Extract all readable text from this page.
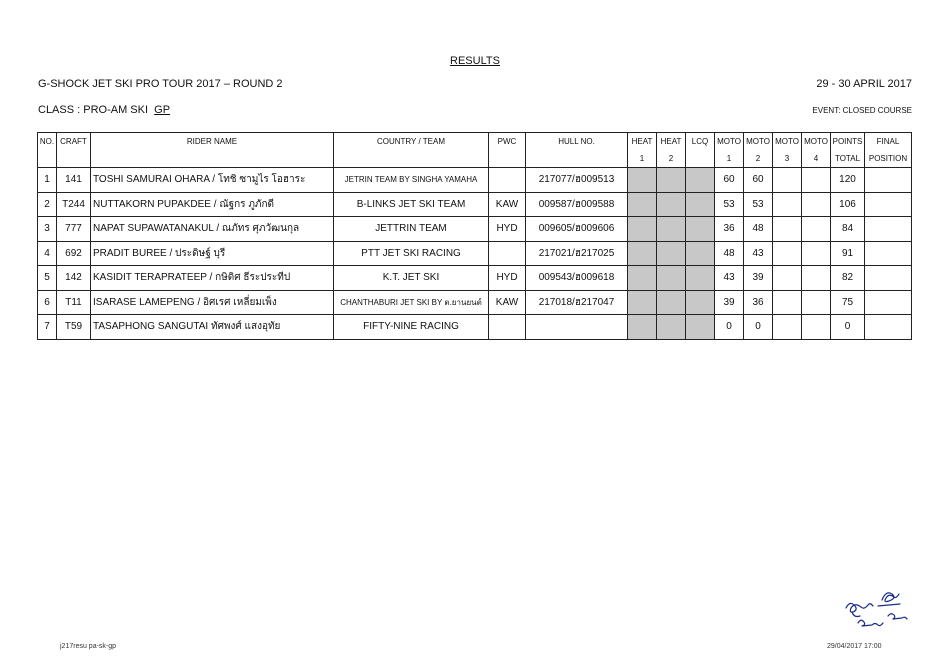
RESULTS
G-SHOCK JET SKI PRO TOUR 2017 – ROUND 2	29 - 30 APRIL 2017
CLASS : PRO-AM SKI GP	EVENT: CLOSED COURSE
NO.	CRAFT	RIDER NAME	COUNTRY / TEAM	PWC	HULL NO.	HEAT	HEAT	LCQ	MOTO	MOTO	MOTO	MOTO	POINTS	FINAL
						1	2		1	2	3	4	TOTAL	POSITION
1	141	TOSHI SAMURAI OHARA / โทชิ ซามูไร โอฮาระ	JETRIN TEAM BY SINGHA YAMAHA		217077/ฮ009513				60	60			120	
2	T244	NUTTAKORN PUPAKDEE / ณัฐกร ภูภักดี	B-LINKS JET SKI TEAM	KAW	009587/ฮ009588				53	53			106	
3	777	NAPAT SUPAWATANAKUL / ณภัทร ศุภวัฒนกุล	JETTRIN TEAM	HYD	009605/ฮ009606				36	48			84	
4	692	PRADIT BUREE / ประดิษฐ์ บุรี	PTT JET SKI RACING		217021/ฮ217025				48	43			91	
5	142	KASIDIT TERAPRATEEP / กษิดิศ ธีระประทีป	K.T. JET SKI	HYD	009543/ฮ009618				43	39			82	
6	T11	ISARASE LAMEPENG / อิศเรศ เหลี่ยมเพ็ง	CHANTHABURI JET SKI BY ต.ยานยนต์	KAW	217018/ฮ217047				39	36			75	
7	T59	TASAPHONG SANGUTAI ทัศพงศ์ แสงอุทัย	FIFTY-NINE RACING						0	0			0	
j217resu pa-sk-gp	29/04/2017 17:00
